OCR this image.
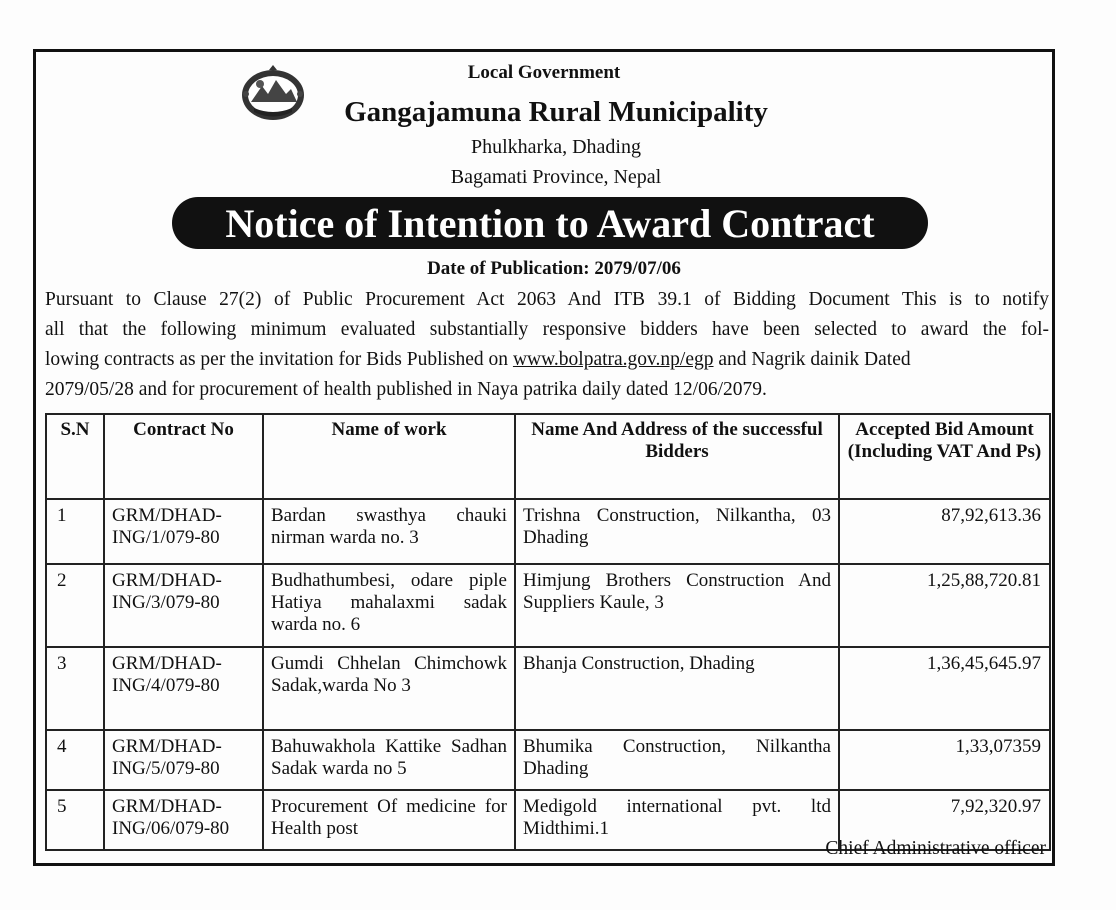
Local Government
Gangajamuna Rural Municipality
Phulkharka, Dhading
Bagamati Province, Nepal
Notice of Intention to Award Contract
Date of Publication: 2079/07/06

Pursuant to Clause 27(2) of Public Procurement Act 2063 And ITB 39.1 of Bidding Document This is to notify
all that the following minimum evaluated substantially responsive bidders have been selected to award the fol-
lowing contracts as per the invitation for Bids Published on www.bolpatra.gov.np/egp and Nagrik dainik Dated
2079/05/28 and for procurement of health published in Naya patrika daily dated 12/06/2079.

S.N	Contract No	Name of work	Name And Address of the successful Bidders	Accepted Bid Amount (Including VAT And Ps)
1	GRM/DHAD-ING/1/079-80	Bardan swasthya chauki nirman warda no. 3	Trishna Construction, Nilkantha, 03 Dhading	87,92,613.36
2	GRM/DHAD-ING/3/079-80	Budhathumbesi, odare piple Hatiya mahalaxmi sadak warda no. 6	Himjung Brothers Construction And Suppliers Kaule, 3	1,25,88,720.81
3	GRM/DHAD-ING/4/079-80	Gumdi Chhelan Chimchowk Sadak,warda No 3	Bhanja Construction, Dhading	1,36,45,645.97
4	GRM/DHAD-ING/5/079-80	Bahuwakhola Kattike Sadhan Sadak warda no 5	Bhumika Construction, Nilkantha Dhading	1,33,07359
5	GRM/DHAD-ING/06/079-80	Procurement Of medicine for Health post	Medigold international pvt. ltd Midthimi.1	7,92,320.97
Chief Administrative officer
